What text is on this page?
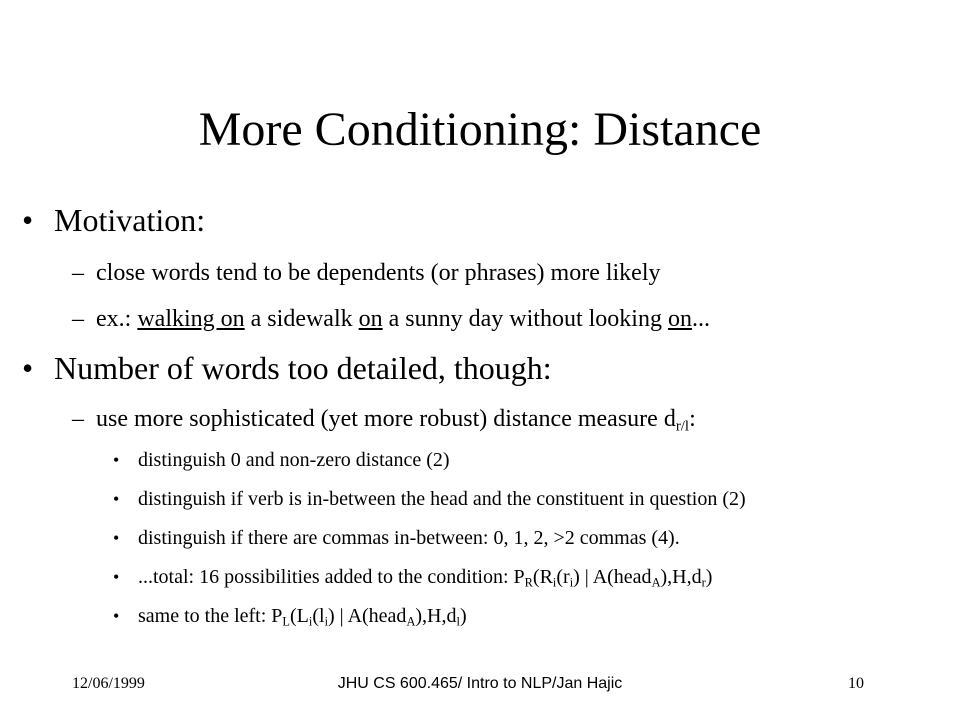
More Conditioning: Distance
• Motivation:
– close words tend to be dependents (or phrases) more likely
– ex.: walking on a sidewalk on a sunny day without looking on...
• Number of words too detailed, though:
– use more sophisticated (yet more robust) distance measure $d_{r/l}$:
• distinguish 0 and non-zero distance (2)
• distinguish if verb is in-between the head and the constituent in question (2)
• distinguish if there are commas in-between: 0, 1, 2, >2 commas (4).
• ...total: 16 possibilities added to the condition: $P_R(R_i(r_i)$ | $A(head_A),H,d_r$)
• same to the left: $P_L(L_i(l_i)$ | $A(head_A),H,d_l$)
12/06/1999	JHU CS 600.465/ Intro to NLP/Jan Hajic	10
